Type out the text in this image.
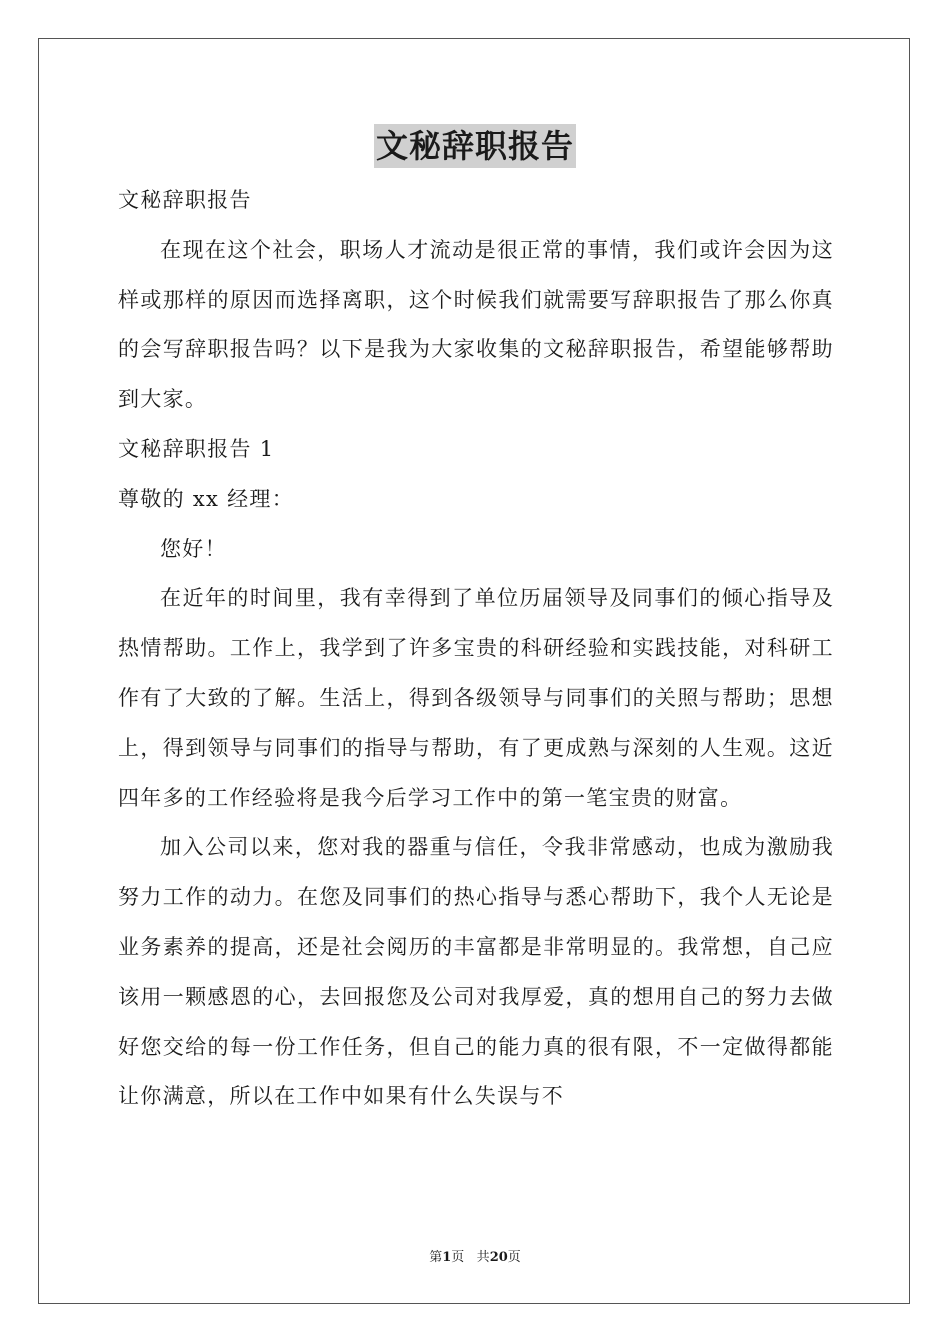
文秘辞职报告

文秘辞职报告

在现在这个社会，职场人才流动是很正常的事情，我们或许会因为这样或那样的原因而选择离职，这个时候我们就需要写辞职报告了那么你真的会写辞职报告吗？以下是我为大家收集的文秘辞职报告，希望能够帮助到大家。

文秘辞职报告 1

尊敬的 xx 经理：

您好！

在近年的时间里，我有幸得到了单位历届领导及同事们的倾心指导及热情帮助。工作上，我学到了许多宝贵的科研经验和实践技能，对科研工作有了大致的了解。生活上，得到各级领导与同事们的关照与帮助；思想上，得到领导与同事们的指导与帮助，有了更成熟与深刻的人生观。这近四年多的工作经验将是我今后学习工作中的第一笔宝贵的财富。

加入公司以来，您对我的器重与信任，令我非常感动，也成为激励我努力工作的动力。在您及同事们的热心指导与悉心帮助下，我个人无论是业务素养的提高，还是社会阅历的丰富都是非常明显的。我常想，自己应该用一颗感恩的心，去回报您及公司对我厚爱，真的想用自己的努力去做好您交给的每一份工作任务，但自己的能力真的很有限，不一定做得都能让你满意，所以在工作中如果有什么失误与不

第1页 共20页
